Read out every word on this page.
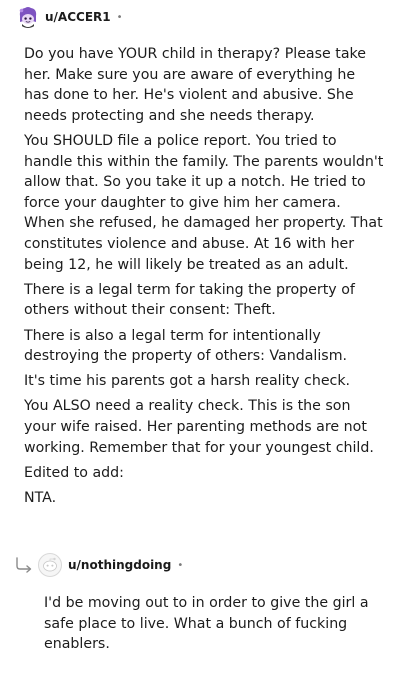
u/ACCER1 •

Do you have YOUR child in therapy? Please take her. Make sure you are aware of everything he has done to her. He's violent and abusive. She needs protecting and she needs therapy.

You SHOULD file a police report. You tried to handle this within the family. The parents wouldn't allow that. So you take it up a notch. He tried to force your daughter to give him her camera. When she refused, he damaged her property. That constitutes violence and abuse. At 16 with her being 12, he will likely be treated as an adult.

There is a legal term for taking the property of others without their consent: Theft.

There is also a legal term for intentionally destroying the property of others: Vandalism.

It's time his parents got a harsh reality check.

You ALSO need a reality check. This is the son your wife raised. Her parenting methods are not working. Remember that for your youngest child.

Edited to add:

NTA.

u/nothingdoing •

I'd be moving out to in order to give the girl a safe place to live. What a bunch of fucking enablers.
